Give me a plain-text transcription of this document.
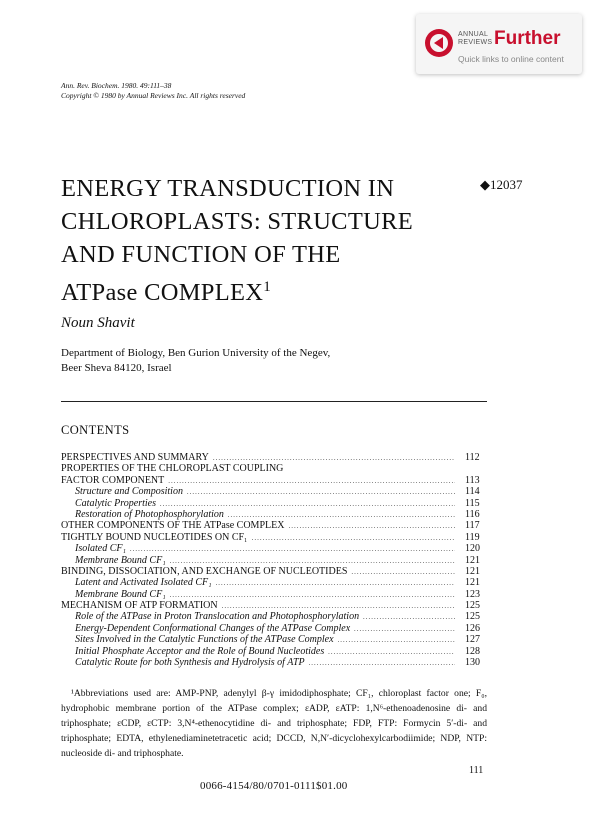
ANNUAL
REVIEWS Further
Quick links to online content
Ann. Rev. Biochem. 1980. 49:111–38
Copyright © 1980 by Annual Reviews Inc. All rights reserved
ENERGY TRANSDUCTION IN
CHLOROPLASTS: STRUCTURE
AND FUNCTION OF THE
ATPase COMPLEX$^1$
◆12037
Noun Shavit
Department of Biology, Ben Gurion University of the Negev,
Beer Sheva 84120, Israel
CONTENTS
PERSPECTIVES AND SUMMARY .....	112
PROPERTIES OF THE CHLOROPLAST COUPLING
FACTOR COMPONENT .....	113
Structure and Composition .....	114
Catalytic Properties .....	115
Restoration of Photophosphorylation .....	116
OTHER COMPONENTS OF THE ATPase COMPLEX .....	117
TIGHTLY BOUND NUCLEOTIDES ON CF₁ .....	119
Isolated CF₁ .....	120
Membrane Bound CF₁ .....	121
BINDING, DISSOCIATION, AND EXCHANGE OF NUCLEOTIDES .....	121
Latent and Activated Isolated CF₁ .....	121
Membrane Bound CF₁ .....	123
MECHANISM OF ATP FORMATION .....	125
Role of the ATPase in Proton Translocation and Photophosphorylation .....	125
Energy-Dependent Conformational Changes of the ATPase Complex .....	126
Sites Involved in the Catalytic Functions of the ATPase Complex .....	127
Initial Phosphate Acceptor and the Role of Bound Nucleotides .....	128
Catalytic Route for both Synthesis and Hydrolysis of ATP .....	130
¹Abbreviations used are: AMP-PNP, adenylyl β-γ imidodiphosphate; CF₁, chloroplast factor one; F₀, hydrophobic membrane portion of the ATPase complex; εADP, εATP: 1,N⁶-ethenoadenosine di- and triphosphate; εCDP, εCTP: 3,N⁴-ethenocytidine di- and triphosphate; FDP, FTP: Formycin 5′-di- and triphosphate; EDTA, ethylenediaminetetracetic acid; DCCD, N,N′-dicyclohexylcarbodiimide; NDP, NTP: nucleoside di- and triphosphate.
111
0066-4154/80/0701-0111$01.00
